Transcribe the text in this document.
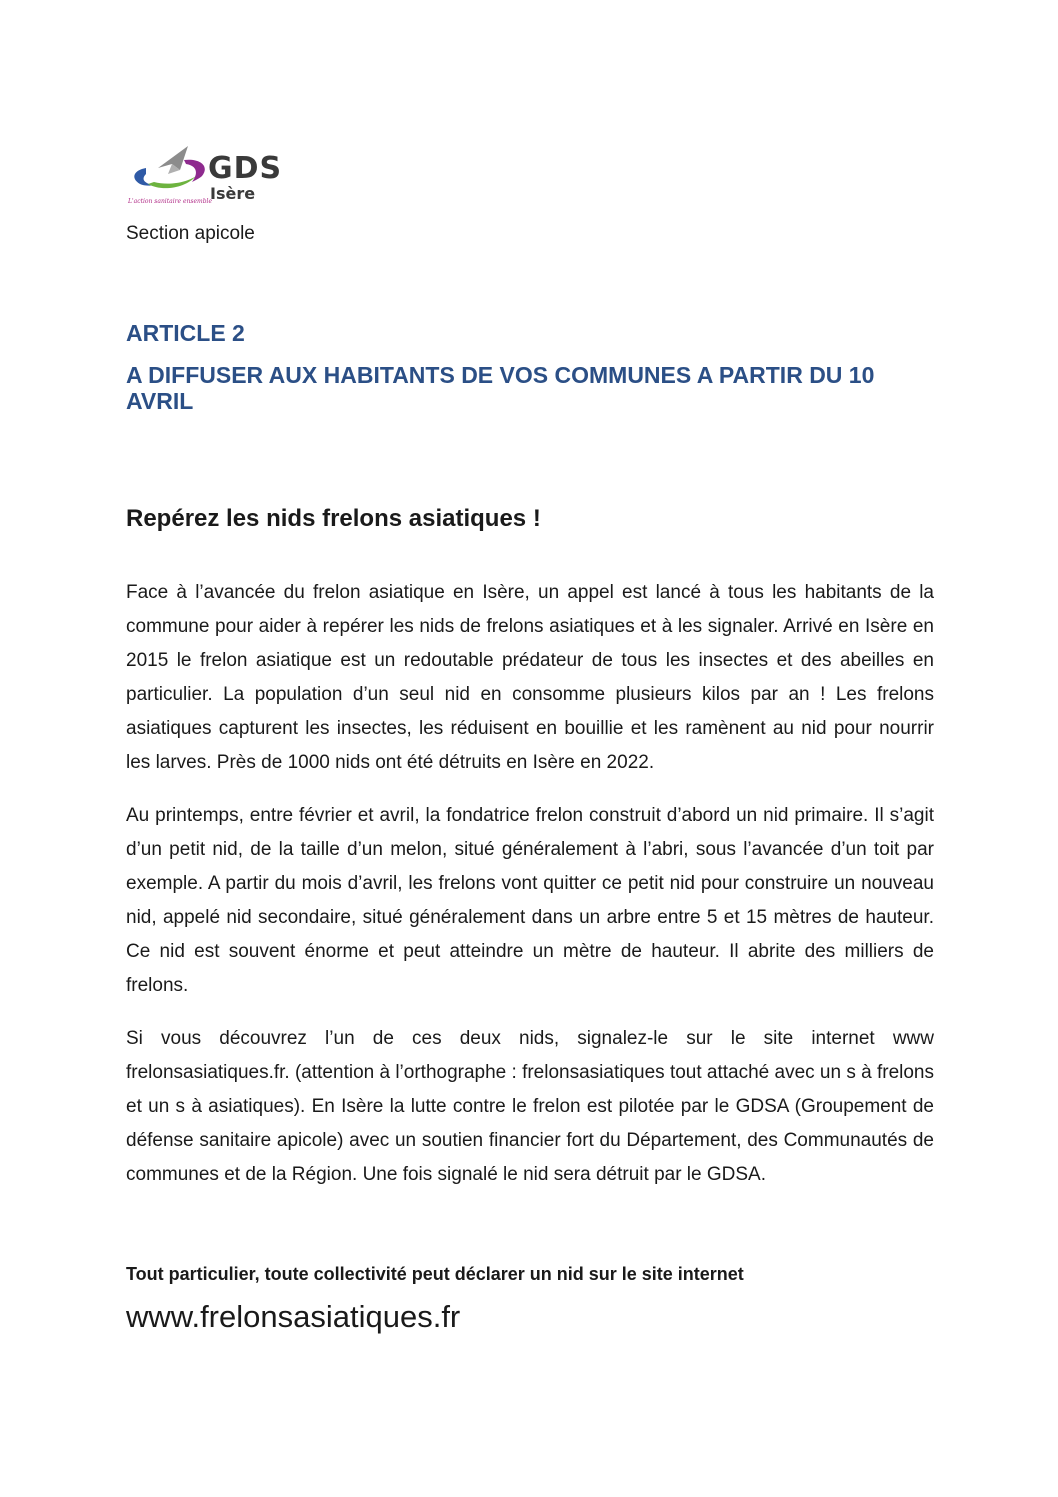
GDS
Isère
L'action sanitaire ensemble
Section apicole

ARTICLE 2

A DIFFUSER AUX HABITANTS DE VOS COMMUNES A PARTIR DU 10 AVRIL

Repérez les nids frelons asiatiques !

Face à l’avancée du frelon asiatique en Isère, un appel est lancé à tous les habitants de la commune pour aider à repérer les nids de frelons asiatiques et à les signaler. Arrivé en Isère en 2015 le frelon asiatique est un redoutable prédateur de tous les insectes et des abeilles en particulier. La population d’un seul nid en consomme plusieurs kilos par an ! Les frelons asiatiques capturent les insectes, les réduisent en bouillie et les ramènent au nid pour nourrir les larves. Près de 1000 nids ont été détruits en Isère en 2022.

Au printemps, entre février et avril, la fondatrice frelon construit d’abord un nid primaire. Il s’agit d’un petit nid, de la taille d’un melon, situé généralement à l’abri, sous l’avancée d’un toit par exemple. A partir du mois d’avril, les frelons vont quitter ce petit nid pour construire un nouveau nid, appelé nid secondaire, situé généralement dans un arbre entre 5 et 15 mètres de hauteur. Ce nid est souvent énorme et peut atteindre un mètre de hauteur. Il abrite des milliers de frelons.

Si vous découvrez l’un de ces deux nids, signalez-le sur le site internet www frelonsasiatiques.fr. (attention à l’orthographe : frelonsasiatiques tout attaché avec un s à frelons et un s à asiatiques). En Isère la lutte contre le frelon est pilotée par le GDSA (Groupement de défense sanitaire apicole) avec un soutien financier fort du Département, des Communautés de communes et de la Région. Une fois signalé le nid sera détruit par le GDSA.

Tout particulier, toute collectivité peut déclarer un nid sur le site internet

www.frelonsasiatiques.fr
